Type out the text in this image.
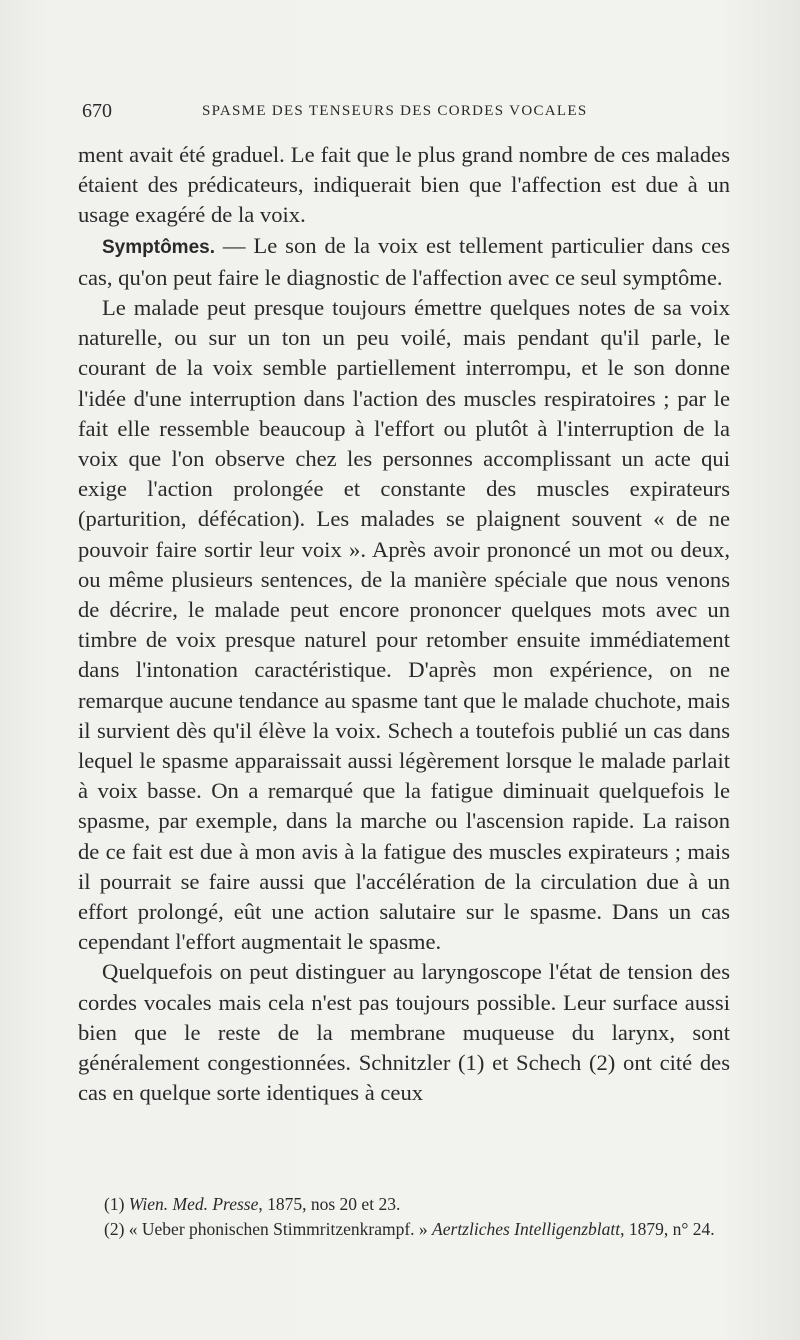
670	SPASME DES TENSEURS DES CORDES VOCALES

ment avait été graduel. Le fait que le plus grand nombre de ces malades étaient des prédicateurs, indiquerait bien que l'affection est due à un usage exagéré de la voix.

Symptômes. — Le son de la voix est tellement particulier dans ces cas, qu'on peut faire le diagnostic de l'affection avec ce seul symptôme.

Le malade peut presque toujours émettre quelques notes de sa voix naturelle, ou sur un ton un peu voilé, mais pendant qu'il parle, le courant de la voix semble partiellement interrompu, et le son donne l'idée d'une interruption dans l'action des muscles respiratoires ; par le fait elle ressemble beaucoup à l'effort ou plutôt à l'interruption de la voix que l'on observe chez les personnes accomplissant un acte qui exige l'action prolongée et constante des muscles expirateurs (parturition, défécation). Les malades se plaignent souvent « de ne pouvoir faire sortir leur voix ». Après avoir prononcé un mot ou deux, ou même plusieurs sentences, de la manière spéciale que nous venons de décrire, le malade peut encore prononcer quelques mots avec un timbre de voix presque naturel pour retomber ensuite immédiatement dans l'intonation caractéristique. D'après mon expérience, on ne remarque aucune tendance au spasme tant que le malade chuchote, mais il survient dès qu'il élève la voix. Schech a toutefois publié un cas dans lequel le spasme apparaissait aussi légèrement lorsque le malade parlait à voix basse. On a remarqué que la fatigue diminuait quelquefois le spasme, par exemple, dans la marche ou l'ascension rapide. La raison de ce fait est due à mon avis à la fatigue des muscles expirateurs ; mais il pourrait se faire aussi que l'accélération de la circulation due à un effort prolongé, eût une action salutaire sur le spasme. Dans un cas cependant l'effort augmentait le spasme.

Quelquefois on peut distinguer au laryngoscope l'état de tension des cordes vocales mais cela n'est pas toujours possible. Leur surface aussi bien que le reste de la membrane muqueuse du larynx, sont généralement congestionnées. Schnitzler (1) et Schech (2) ont cité des cas en quelque sorte identiques à ceux

(1) Wien. Med. Presse, 1875, nos 20 et 23.

(2) « Ueber phonischen Stimmritzenkrampf. » Aertzliches Intelligenzblatt, 1879, n° 24.
